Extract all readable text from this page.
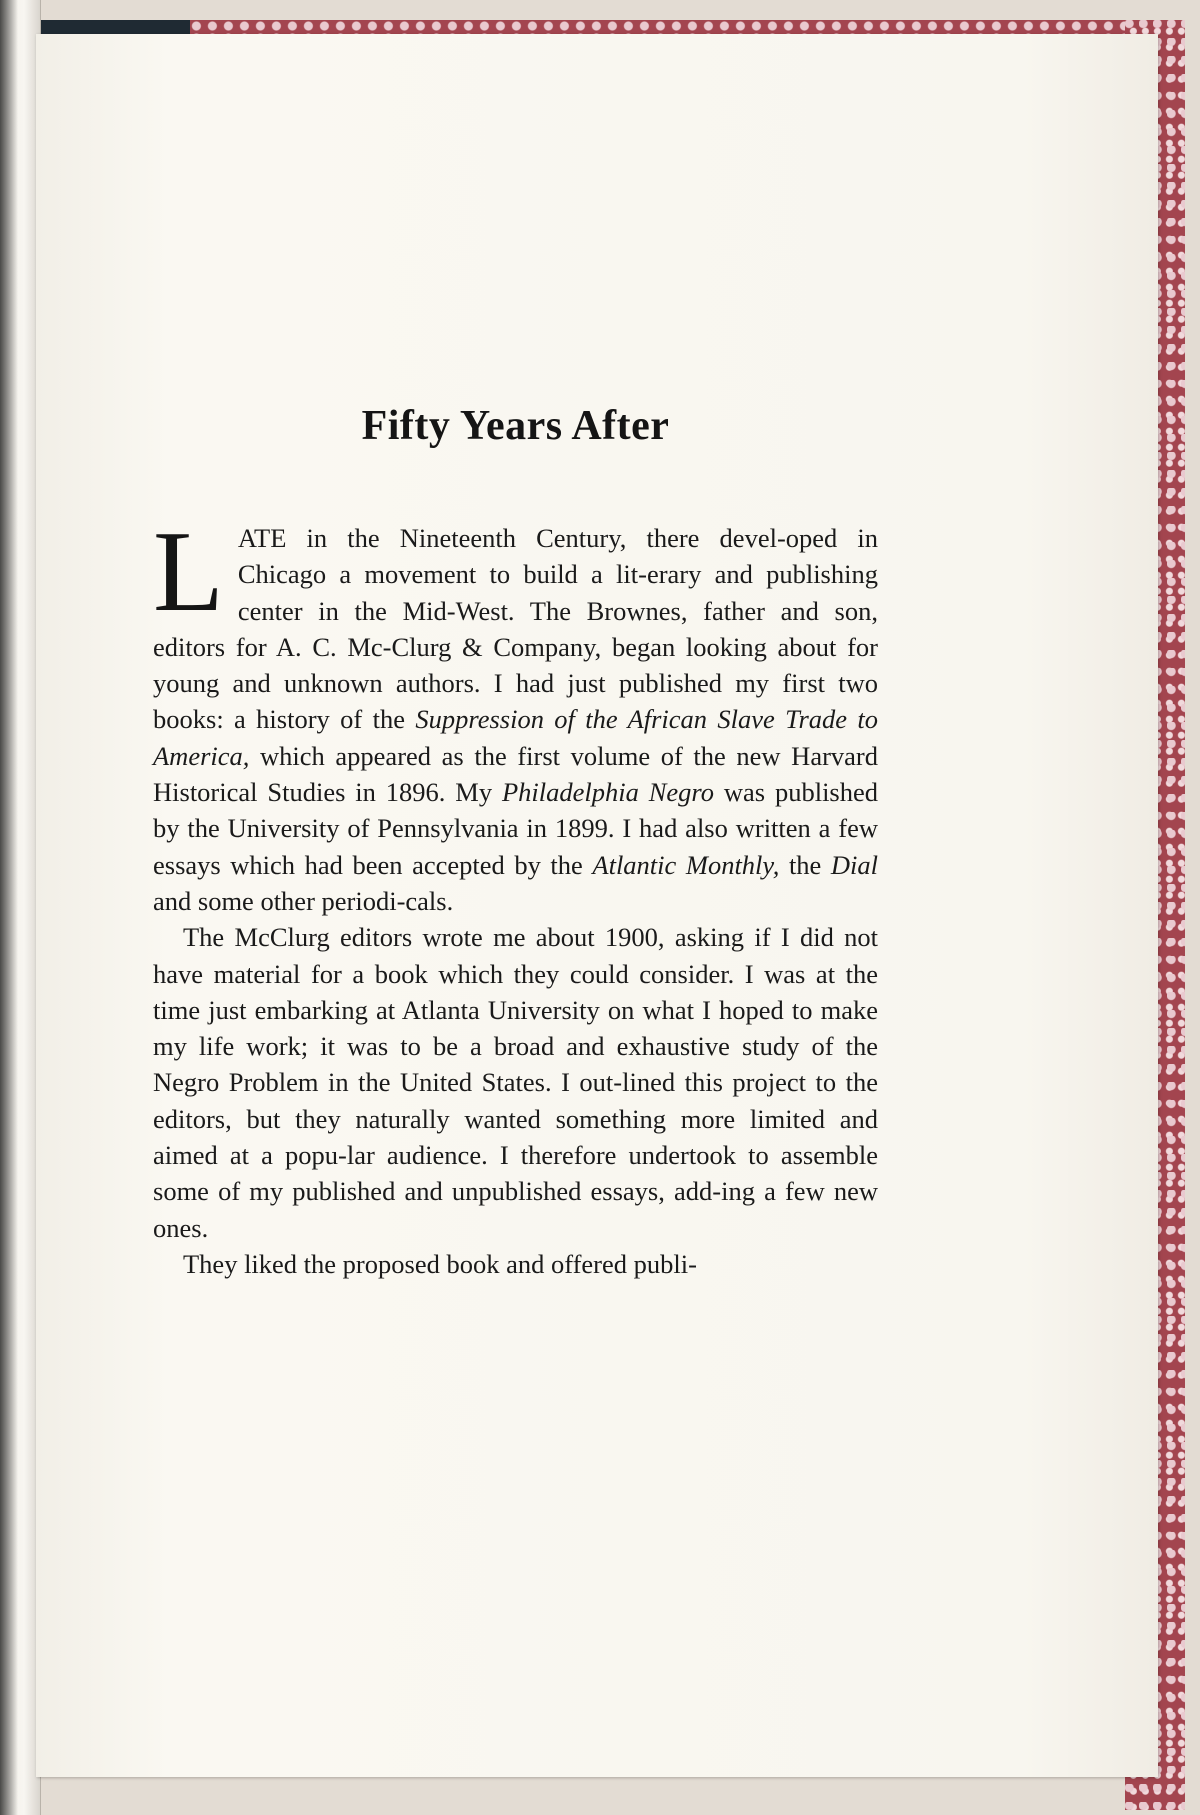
Fifty Years After

LATE in the Nineteenth Century, there devel-oped in Chicago a movement to build a lit-erary and publishing center in the Mid-West. The Brownes, father and son, editors for A. C. Mc-Clurg & Company, began looking about for young and unknown authors. I had just published my first two books: a history of the Suppression of the African Slave Trade to America, which appeared as the first volume of the new Harvard Historical Studies in 1896. My Philadelphia Negro was published by the University of Pennsylvania in 1899. I had also written a few essays which had been accepted by the Atlantic Monthly, the Dial and some other periodi-cals.

The McClurg editors wrote me about 1900, asking if I did not have material for a book which they could consider. I was at the time just embarking at Atlanta University on what I hoped to make my life work; it was to be a broad and exhaustive study of the Negro Problem in the United States. I out-lined this project to the editors, but they naturally wanted something more limited and aimed at a popu-lar audience. I therefore undertook to assemble some of my published and unpublished essays, add-ing a few new ones.

They liked the proposed book and offered publi-
